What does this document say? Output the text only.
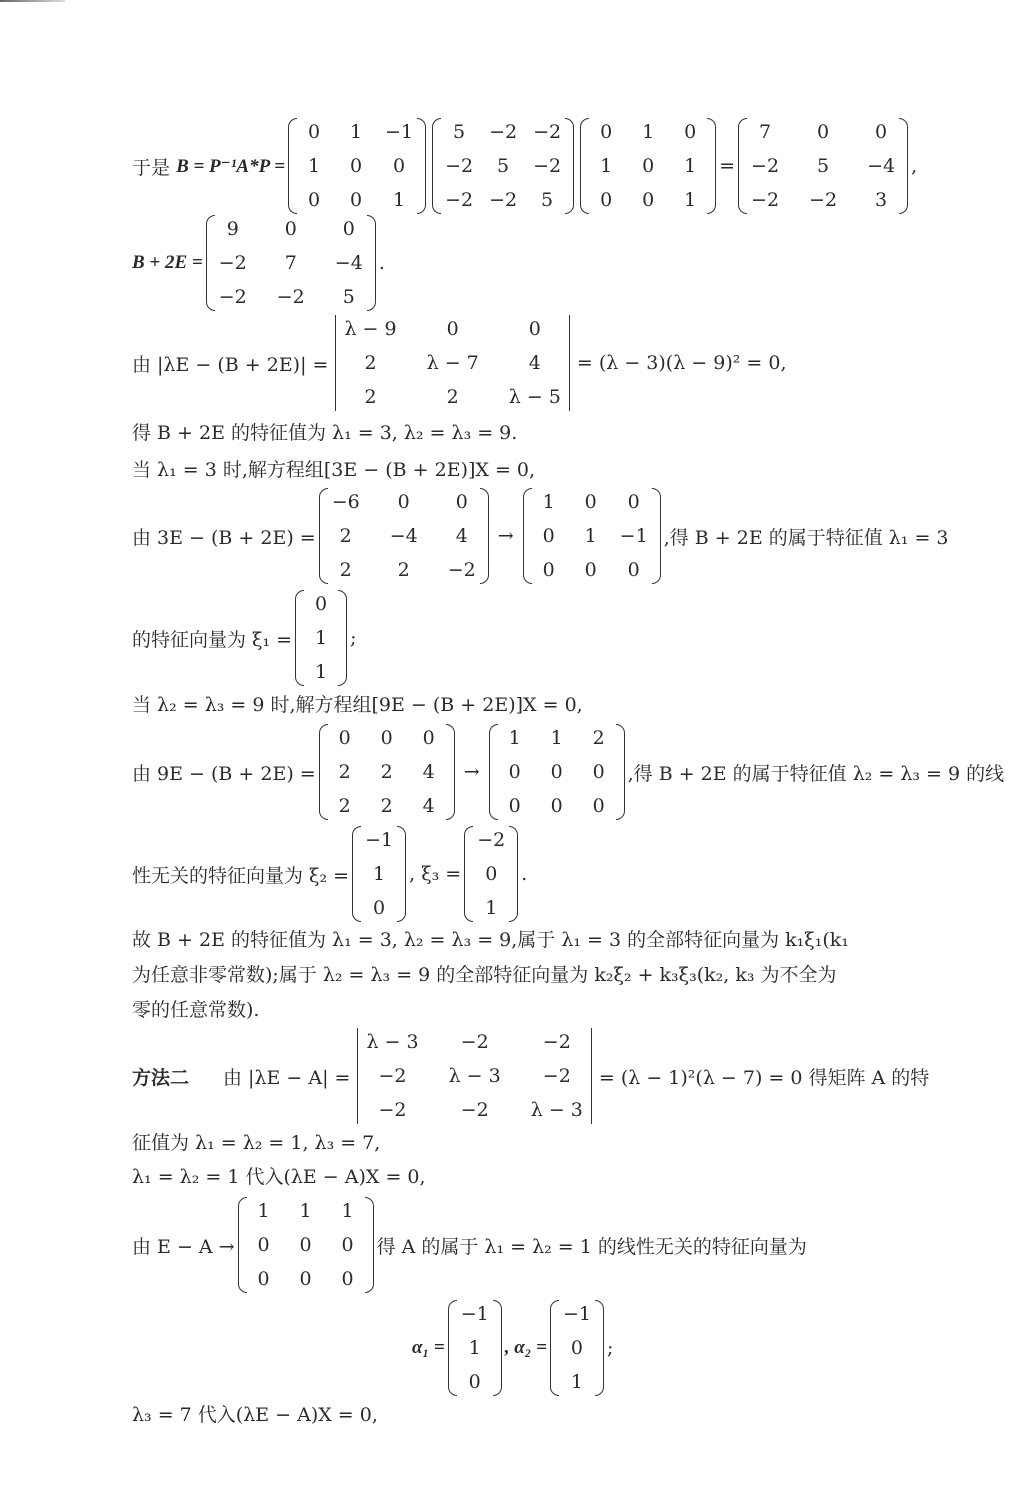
于是
B = P⁻¹A*P =
0	1	−1
1	0	0
0	0	1
5	−2 −2
−2	5	−2
−2 −2	5
0	1	0
1	0	1
0	0	1
=
7	0	0
−2	5	−4
−2 −2	3
,
B + 2E =
9	0	0
−2	7	−4
−2 −2	5
.
由 |λE − (B + 2E)| =
λ − 9	0	0
2	λ − 7	4
2	2	λ − 5
= (λ − 3)(λ − 9)² = 0,
得 B + 2E 的特征值为 λ₁ = 3, λ₂ = λ₃ = 9.
当 λ₁ = 3 时,解方程组[3E − (B + 2E)]X = 0,
由 3E − (B + 2E) =
−6	0	0
2	−4	4
2	2	−2
→
1	0	0
0	1	−1
0	0	0
,得 B + 2E 的属于特征值 λ₁ = 3
的特征向量为 ξ₁ =
0
1
1
;
当 λ₂ = λ₃ = 9 时,解方程组[9E − (B + 2E)]X = 0,
由 9E − (B + 2E) =
0	0	0
2	2	4
2	2	4
→
1	1	2
0	0	0
0	0	0
,得 B + 2E 的属于特征值 λ₂ = λ₃ = 9 的线
性无关的特征向量为 ξ₂ =
−1
1
0
, ξ₃ =
−2
0
1
.
故 B + 2E 的特征值为 λ₁ = 3, λ₂ = λ₃ = 9,属于 λ₁ = 3 的全部特征向量为 k₁ξ₁(k₁
为任意非零常数);属于 λ₂ = λ₃ = 9 的全部特征向量为 k₂ξ₂ + k₃ξ₃(k₂, k₃ 为不全为
零的任意常数).
方法二 由 |λE − A| =
λ − 3	−2	−2
−2	λ − 3	−2
−2	−2	λ − 3
= (λ − 1)²(λ − 7) = 0 得矩阵 A 的特
征值为 λ₁ = λ₂ = 1, λ₃ = 7,
λ₁ = λ₂ = 1 代入(λE − A)X = 0,
由 E − A →
1	1	1
0	0	0
0	0	0
得 A 的属于 λ₁ = λ₂ = 1 的线性无关的特征向量为
α₁ =
−1
1
0
, α₂ =
−1
0
1
;
λ₃ = 7 代入(λE − A)X = 0,
